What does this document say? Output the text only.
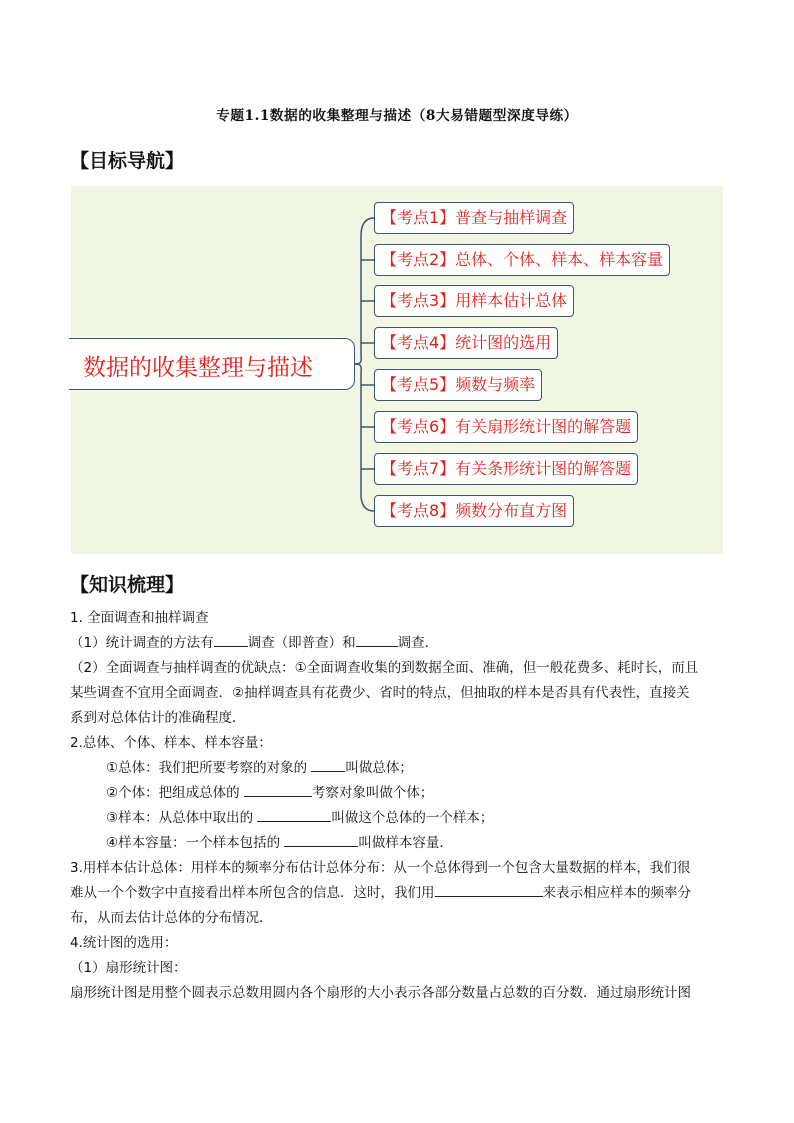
专题1.1数据的收集整理与描述（8大易错题型深度导练）
【目标导航】
数据的收集整理与描述
【考点1】普查与抽样调查
【考点2】总体、个体、样本、样本容量
【考点3】用样本估计总体
【考点4】统计图的选用
【考点5】频数与频率
【考点6】有关扇形统计图的解答题
【考点7】有关条形统计图的解答题
【考点8】频数分布直方图
【知识梳理】
1. 全面调查和抽样调查
（1）统计调查的方法有	调查（即普查）和	调查．
（2）全面调查与抽样调查的优缺点：①全面调查收集的到数据全面、准确，但一般花费多、耗时长，而且
某些调查不宜用全面调查．②抽样调查具有花费少、省时的特点，但抽取的样本是否具有代表性，直接关
系到对总体估计的准确程度．
2.总体、个体、样本、样本容量：
①总体：我们把所要考察的对象的	叫做总体；
②个体：把组成总体的	考察对象叫做个体；
③样本：从总体中取出的	叫做这个总体的一个样本；
④样本容量：一个样本包括的	叫做样本容量．
3.用样本估计总体：用样本的频率分布估计总体分布：从一个总体得到一个包含大量数据的样本，我们很
难从一个个数字中直接看出样本所包含的信息．这时，我们用	来表示相应样本的频率分
布，从而去估计总体的分布情况．
4.统计图的选用：
（1）扇形统计图：
扇形统计图是用整个圆表示总数用圆内各个扇形的大小表示各部分数量占总数的百分数．通过扇形统计图
